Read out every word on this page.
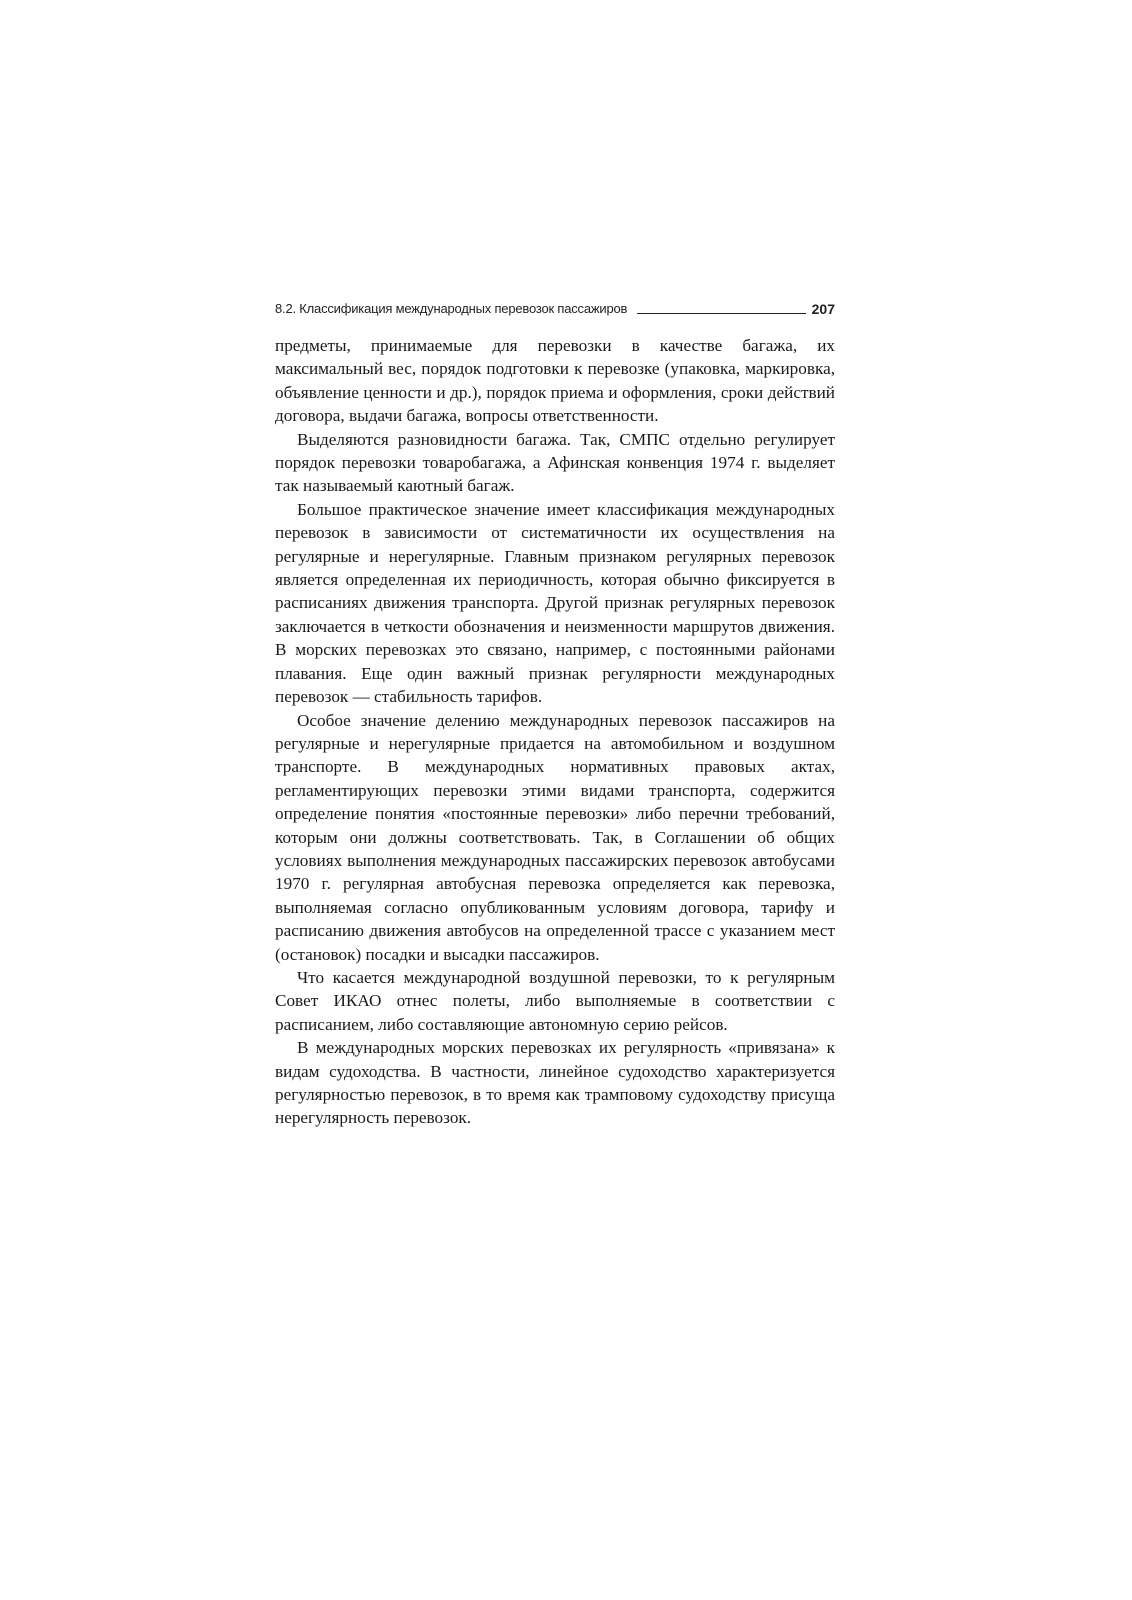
8.2. Классификация международных перевозок пассажиров	207

предметы, принимаемые для перевозки в качестве багажа, их максимальный вес, порядок подготовки к перевозке (упаковка, маркировка, объявление ценности и др.), порядок приема и оформления, сроки действий договора, выдачи багажа, вопросы ответственности.

Выделяются разновидности багажа. Так, СМПС отдельно регулирует порядок перевозки товаробагажа, а Афинская конвенция 1974 г. выделяет так называемый каютный багаж.

Большое практическое значение имеет классификация международных перевозок в зависимости от систематичности их осуществления на регулярные и нерегулярные. Главным признаком регулярных перевозок является определенная их периодичность, которая обычно фиксируется в расписаниях движения транспорта. Другой признак регулярных перевозок заключается в четкости обозначения и неизменности маршрутов движения. В морских перевозках это связано, например, с постоянными районами плавания. Еще один важный признак регулярности международных перевозок — стабильность тарифов.

Особое значение делению международных перевозок пассажиров на регулярные и нерегулярные придается на автомобильном и воздушном транспорте. В международных нормативных правовых актах, регламентирующих перевозки этими видами транспорта, содержится определение понятия «постоянные перевозки» либо перечни требований, которым они должны соответствовать. Так, в Соглашении об общих условиях выполнения международных пассажирских перевозок автобусами 1970 г. регулярная автобусная перевозка определяется как перевозка, выполняемая согласно опубликованным условиям договора, тарифу и расписанию движения автобусов на определенной трассе с указанием мест (остановок) посадки и высадки пассажиров.

Что касается международной воздушной перевозки, то к регулярным Совет ИКАО отнес полеты, либо выполняемые в соответствии с расписанием, либо составляющие автономную серию рейсов.

В международных морских перевозках их регулярность «привязана» к видам судоходства. В частности, линейное судоходство характеризуется регулярностью перевозок, в то время как трамповому судоходству присуща нерегулярность перевозок.
